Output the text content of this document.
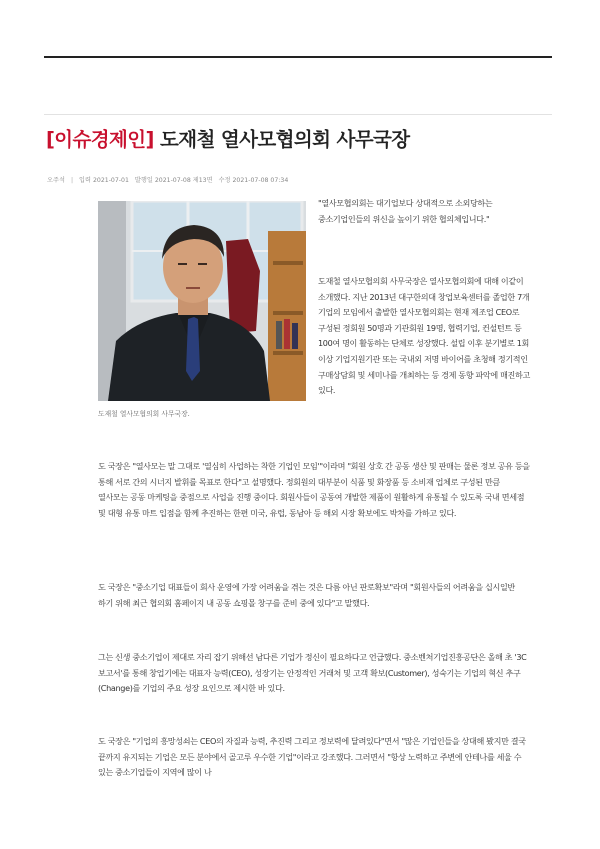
[이슈경제인] 도재철 열사모협의회 사무국장
오주석 | 입력 2021-07-01 발행일 2021-07-08 제13면 수정 2021-07-08 07:34
도재철 열사모협의회 사무국장.

"열사모협의회는 대기업보다 상대적으로 소외당하는 중소기업인들의 위신을 높이기 위한 협의체입니다."

도재철 열사모협의회 사무국장은 열사모협의회에 대해 이같이 소개했다. 지난 2013년 대구한의대 창업보육센터를 졸업한 7개 기업의 모임에서 출발한 열사모협의회는 현재 제조업 CEO로 구성된 정회원 50명과 기관회원 19명, 협력기업, 컨설턴트 등 100여 명이 활동하는 단체로 성장했다. 설립 이후 분기별로 1회 이상 기업지원기관 또는 국내외 저명 바이어를 초청해 정기적인 구매상담회 및 세미나를 개최하는 등 경제 동향 파악에 매진하고 있다.

도 국장은 "열사모는 말 그대로 '열심히 사업하는 착한 기업인 모임'"이라며 "회원 상호 간 공동 생산 및 판매는 물론 정보 공유 등을 통해 서로 간의 시너지 발휘를 목표로 한다"고 설명했다. 정회원의 대부분이 식품 및 화장품 등 소비재 업체로 구성된 만큼 열사모는 공동 마케팅을 중점으로 사업을 진행 중이다. 회원사들이 공동여 개발한 제품이 원활하게 유통될 수 있도록 국내 면세점 및 대형 유통 마트 입점을 함께 추진하는 한편 미국, 유럽, 동남아 등 해외 시장 확보에도 박차를 가하고 있다.

도 국장은 "중소기업 대표들이 회사 운영에 가장 어려움을 겪는 것은 다름 아닌 판로확보"라며 "회원사들의 어려움을 십시일반 하기 위해 최근 협의회 홈페이지 내 공동 쇼핑몰 창구를 준비 중에 있다"고 말했다.

그는 신생 중소기업이 제대로 자리 잡기 위해선 남다른 기업가 정신이 필요하다고 언급했다. 중소벤처기업진흥공단은 올해 초 '3C 보고서'를 통해 창업기에는 대표자 능력(CEO), 성장기는 안정적인 거래처 및 고객 확보(Customer), 성숙기는 기업의 혁신 추구(Change)를 기업의 주요 성장 요인으로 제시한 바 있다.

도 국장은 "기업의 흥망성쇠는 CEO의 자질과 능력, 추진력 그리고 정보력에 달려있다"면서 "많은 기업인들을 상대해 봤지만 결국 끝까지 유지되는 기업은 모든 분야에서 골고루 우수한 기업"이라고 강조했다. 그러면서 "항상 노력하고 주변에 안테나를 세울 수 있는 중소기업들이 지역에 많이 나
